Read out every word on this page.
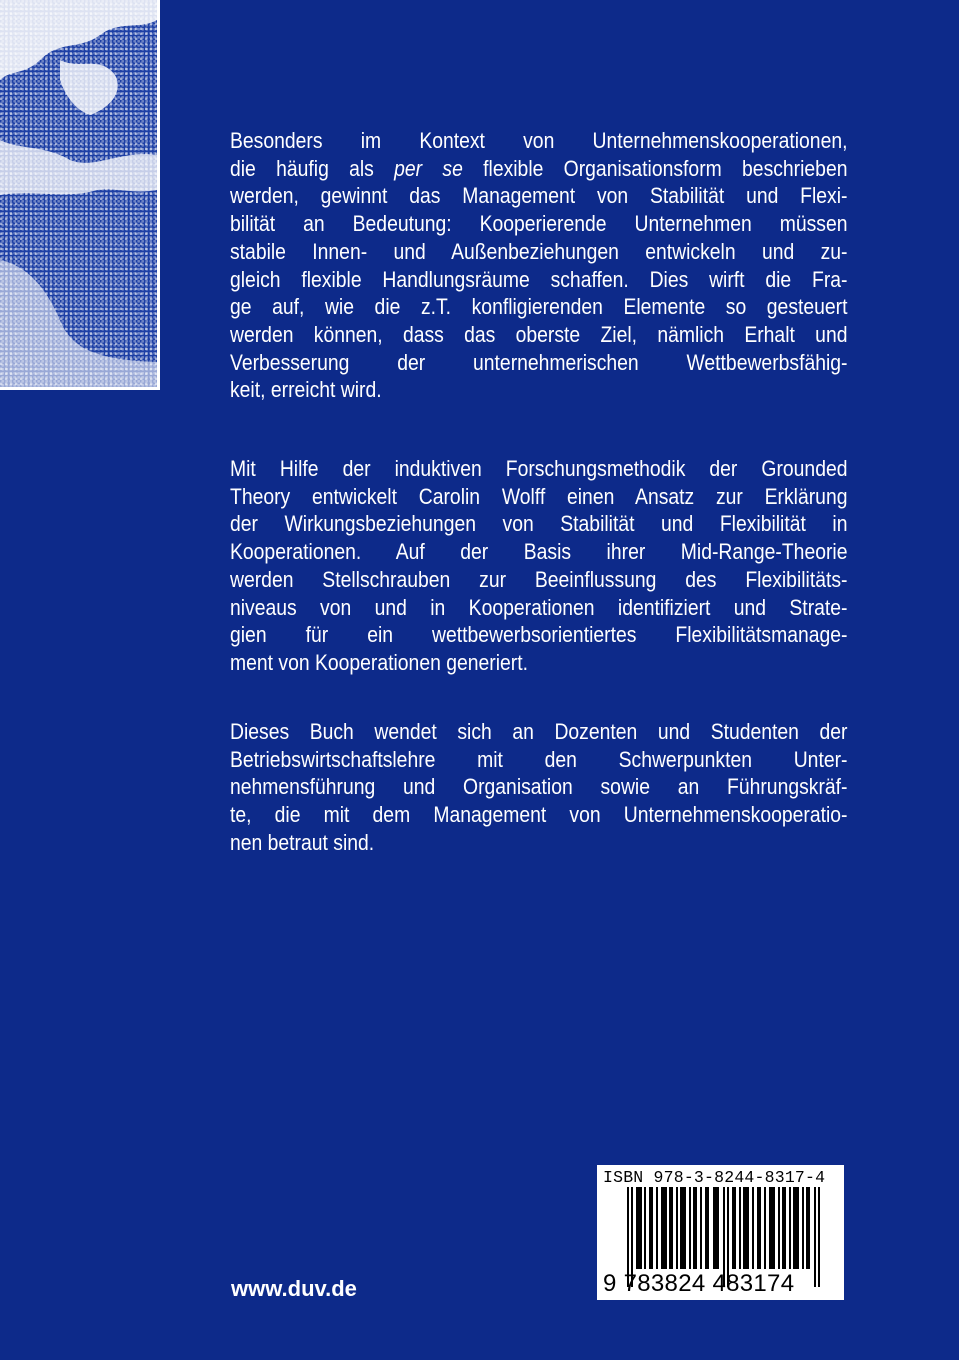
Besonders im Kontext von Unternehmenskooperationen,
die häufig als per se flexible Organisationsform beschrieben
werden, gewinnt das Management von Stabilität und Flexi-
bilität an Bedeutung: Kooperierende Unternehmen müssen
stabile Innen- und Außenbeziehungen entwickeln und zu-
gleich flexible Handlungsräume schaffen. Dies wirft die Fra-
ge auf, wie die z.T. konfligierenden Elemente so gesteuert
werden können, dass das oberste Ziel, nämlich Erhalt und
Verbesserung der unternehmerischen Wettbewerbsfähig-
keit, erreicht wird.
Mit Hilfe der induktiven Forschungsmethodik der Grounded
Theory entwickelt Carolin Wolff einen Ansatz zur Erklärung
der Wirkungsbeziehungen von Stabilität und Flexibilität in
Kooperationen. Auf der Basis ihrer Mid-Range-Theorie
werden Stellschrauben zur Beeinflussung des Flexibilitäts-
niveaus von und in Kooperationen identifiziert und Strate-
gien für ein wettbewerbsorientiertes Flexibilitätsmanage-
ment von Kooperationen generiert.
Dieses Buch wendet sich an Dozenten und Studenten der
Betriebswirtschaftslehre mit den Schwerpunkten Unter-
nehmensführung und Organisation sowie an Führungskräf-
te, die mit dem Management von Unternehmenskooperatio-
nen betraut sind.
www.duv.de
ISBN 978-3-8244-8317-4
9 783824 483174
